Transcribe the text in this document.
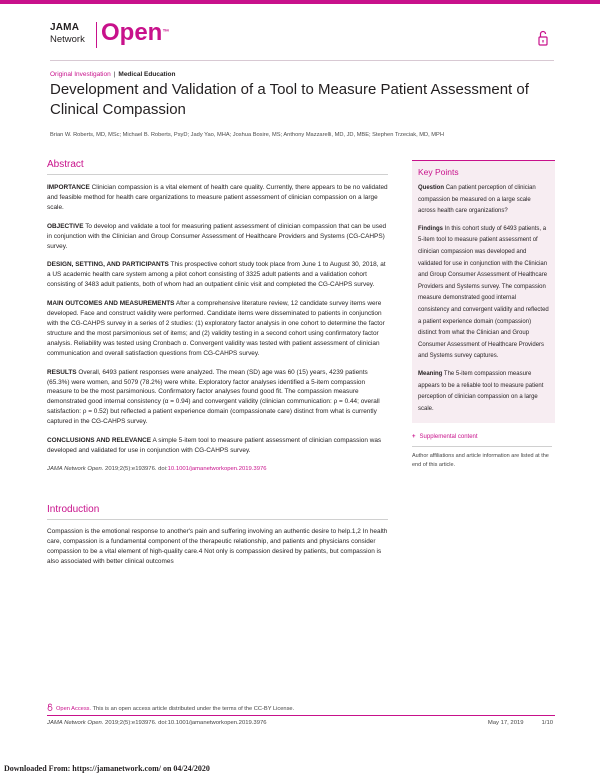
JAMA
Network Open™
Original Investigation | Medical Education
Development and Validation of a Tool to Measure Patient Assessment of Clinical Compassion
Brian W. Roberts, MD, MSc; Michael B. Roberts, PsyD; Jady Yao, MHA; Joshua Bosire, MS; Anthony Mazzarelli, MD, JD, MBE; Stephen Trzeciak, MD, MPH
Abstract

IMPORTANCE Clinician compassion is a vital element of health care quality. Currently, there appears to be no validated and feasible method for health care organizations to measure patient assessment of clinician compassion on a large scale.

OBJECTIVE To develop and validate a tool for measuring patient assessment of clinician compassion that can be used in conjunction with the Clinician and Group Consumer Assessment of Healthcare Providers and Systems (CG-CAHPS) survey.

DESIGN, SETTING, AND PARTICIPANTS This prospective cohort study took place from June 1 to August 30, 2018, at a US academic health care system among a pilot cohort consisting of 3325 adult patients and a validation cohort consisting of 3483 adult patients, both of whom had an outpatient clinic visit and completed the CG-CAHPS survey.

MAIN OUTCOMES AND MEASUREMENTS After a comprehensive literature review, 12 candidate survey items were developed. Face and construct validity were performed. Candidate items were disseminated to patients in conjunction with the CG-CAHPS survey in a series of 2 studies: (1) exploratory factor analysis in one cohort to determine the factor structure and the most parsimonious set of items; and (2) validity testing in a second cohort using confirmatory factor analysis. Reliability was tested using Cronbach α. Convergent validity was tested with patient assessment of clinician communication and overall satisfaction questions from CG-CAHPS survey.

RESULTS Overall, 6493 patient responses were analyzed. The mean (SD) age was 60 (15) years, 4239 patients (65.3%) were women, and 5079 (78.2%) were white. Exploratory factor analyses identified a 5-item compassion measure to be the most parsimonious. Confirmatory factor analyses found good fit. The compassion measure demonstrated good internal consistency (α = 0.94) and convergent validity (clinician communication: ρ = 0.44; overall satisfaction: ρ = 0.52) but reflected a patient experience domain (compassionate care) distinct from what is currently captured in the CG-CAHPS survey.

CONCLUSIONS AND RELEVANCE A simple 5-item tool to measure patient assessment of clinician compassion was developed and validated for use in conjunction with CG-CAHPS survey.

JAMA Network Open. 2019;2(5):e193976. doi:10.1001/jamanetworkopen.2019.3976

Introduction

Compassion is the emotional response to another's pain and suffering involving an authentic desire to help.1,2 In health care, compassion is a fundamental component of the therapeutic relationship, and patients and physicians consider compassion to be a vital element of high-quality care.4 Not only is compassion desired by patients, but compassion is also associated with better clinical outcomes

Key Points

Question Can patient perception of clinician compassion be measured on a large scale across health care organizations?

Findings In this cohort study of 6493 patients, a 5-item tool to measure patient assessment of clinician compassion was developed and validated for use in conjunction with the Clinician and Group Consumer Assessment of Healthcare Providers and Systems survey. The compassion measure demonstrated good internal consistency and convergent validity and reflected a patient experience domain (compassion) distinct from what the Clinician and Group Consumer Assessment of Healthcare Providers and Systems survey captures.

Meaning The 5-item compassion measure appears to be a reliable tool to measure patient perception of clinician compassion on a large scale.

+ Supplemental content
Author affiliations and article information are listed at the end of this article.
Open Access. This is an open access article distributed under the terms of the CC-BY License.
JAMA Network Open. 2019;2(5):e193976. doi:10.1001/jamanetworkopen.2019.3976	May 17, 2019	1/10
Downloaded From: https://jamanetwork.com/ on 04/24/2020
